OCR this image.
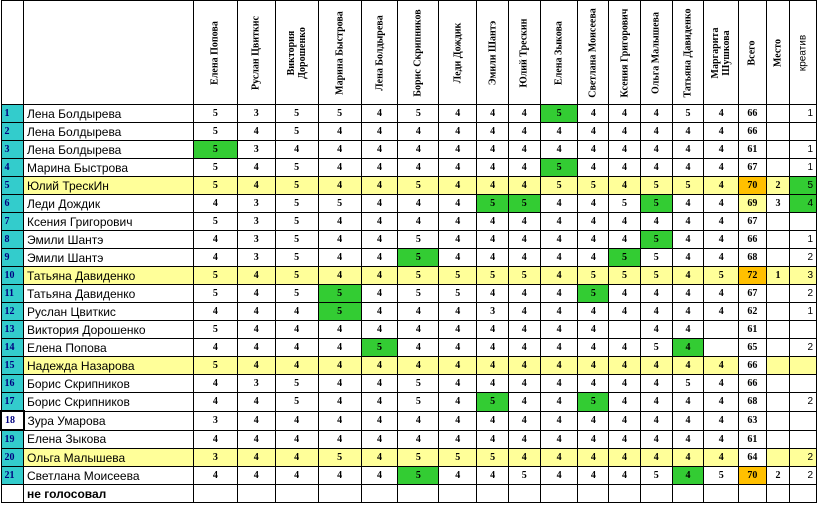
		Елена Попова	Руслан Цвиткис	Виктория Дорошенко	Марина Быстрова	Лена Болдырева	Борис Скрипников	Леди Дождик	Эмили Шантэ	Юлий Трескин	Елена Зыкова	Светлана Моисеева	Ксения Григорович	Ольга Малышева	Татьяна Давиденко	Маргарита Шушкова	Всего	Место	креатив

1	Лена Болдырева	5	3	5	5	4	5	4	4	4	5	4	4	4	5	4	66		1
2	Лена Болдырева	5	4	5	4	4	4	4	4	4	4	4	4	4	4	4	66		
3	Лена Болдырева	5	3	4	4	4	4	4	4	4	4	4	4	4	4	4	61		1
4	Марина Быстрова	5	4	5	4	4	4	4	4	4	5	4	4	4	4	4	67		1
5	Юлий ТрескИн	5	4	5	4	4	5	4	4	4	5	5	4	5	5	4	70	2	5
6	Леди Дождик	4	3	5	5	4	4	4	5	5	4	4	5	5	4	4	69	3	4
7	Ксения Григорович	5	3	5	4	4	4	4	4	4	4	4	4	4	4	4	67		
8	Эмили Шантэ	4	3	5	4	4	5	4	4	4	4	4	4	5	4	4	66		1
9	Эмили Шантэ	4	3	5	4	4	5	4	4	4	4	4	5	5	4	4	68		2
10	Татьяна Давиденко	5	4	5	4	4	5	5	5	5	4	5	5	5	4	5	72	1	3
11	Татьяна Давиденко	5	4	5	5	4	5	5	4	4	4	5	4	4	4	4	67		2
12	Руслан Цвиткис	4	4	4	5	4	4	4	3	4	4	4	4	4	4	4	62		1
13	Виктория Дорошенко	5	4	4	4	4	4	4	4	4	4	4		4	4		61		
14	Елена Попова	4	4	4	4	5	4	4	4	4	4	4	4	5	4		65		2
15	Надежда Назарова	5	4	4	4	4	4	4	4	4	4	4	4	4	4	4	66		
16	Борис Скрипников	4	3	5	4	4	5	4	4	4	4	4	4	4	5	4	66		
17	Борис Скрипников	4	4	5	4	4	5	4	5	4	4	5	4	4	4	4	68		2
18	Зура Умарова	3	4	4	4	4	4	4	4	4	4	4	4	4	4	4	63		
19	Елена Зыкова	4	4	4	4	4	4	4	4	4	4	4	4	4	4	4	61		
20	Ольга Малышева	3	4	4	5	4	5	5	5	4	4	4	4	4	4	4	64		2
21	Светлана Моисеева	4	4	4	4	4	5	4	4	5	4	4	4	5	4	5	70	2	2
	не голосовал																		
